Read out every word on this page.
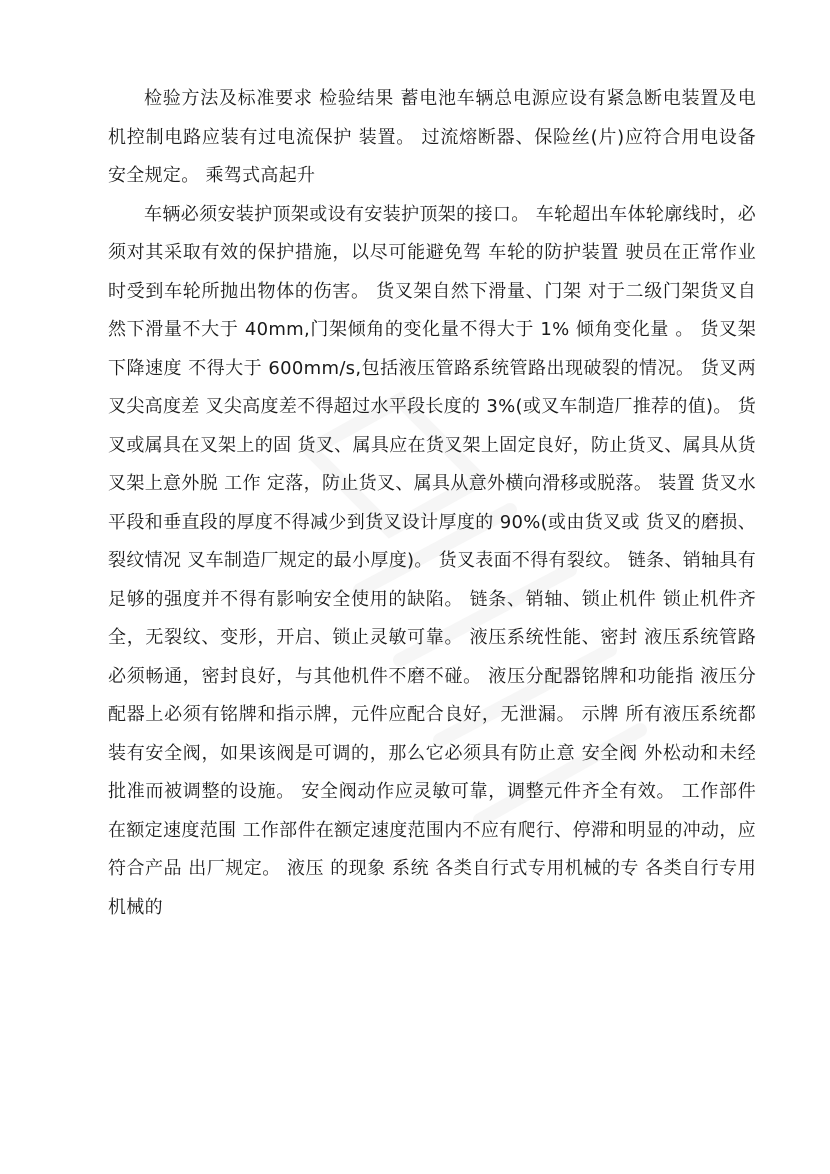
检验方法及标准要求 检验结果 蓄电池车辆总电源应设有紧急断电装置及电机控制电路应装有过电流保护 装置。 过流熔断器、保险丝(片)应符合用电设备安全规定。 乘驾式高起升

车辆必须安装护顶架或设有安装护顶架的接口。 车轮超出车体轮廓线时，必须对其采取有效的保护措施，以尽可能避免驾 车轮的防护装置 驶员在正常作业时受到车轮所抛出物体的伤害。 货叉架自然下滑量、门架 对于二级门架货叉自然下滑量不大于 40mm,门架倾角的变化量不得大于 1% 倾角变化量 。 货叉架下降速度 不得大于 600mm/s,包括液压管路系统管路出现破裂的情况。 货叉两叉尖高度差 叉尖高度差不得超过水平段长度的 3%(或叉车制造厂推荐的值)。 货叉或属具在叉架上的固 货叉、属具应在货叉架上固定良好，防止货叉、属具从货叉架上意外脱 工作 定落，防止货叉、属具从意外横向滑移或脱落。 装置 货叉水平段和垂直段的厚度不得减少到货叉设计厚度的 90%(或由货叉或 货叉的磨损、裂纹情况 叉车制造厂规定的最小厚度)。 货叉表面不得有裂纹。 链条、销轴具有足够的强度并不得有影响安全使用的缺陷。 链条、销轴、锁止机件 锁止机件齐全，无裂纹、变形，开启、锁止灵敏可靠。 液压系统性能、密封 液压系统管路必须畅通，密封良好，与其他机件不磨不碰。 液压分配器铭牌和功能指 液压分配器上必须有铭牌和指示牌，元件应配合良好，无泄漏。 示牌 所有液压系统都装有安全阀，如果该阀是可调的，那么它必须具有防止意 安全阀 外松动和未经批准而被调整的设施。 安全阀动作应灵敏可靠，调整元件齐全有效。 工作部件在额定速度范围 工作部件在额定速度范围内不应有爬行、停滞和明显的冲动，应符合产品 出厂规定。 液压 的现象 系统 各类自行式专用机械的专 各类自行专用机械的
